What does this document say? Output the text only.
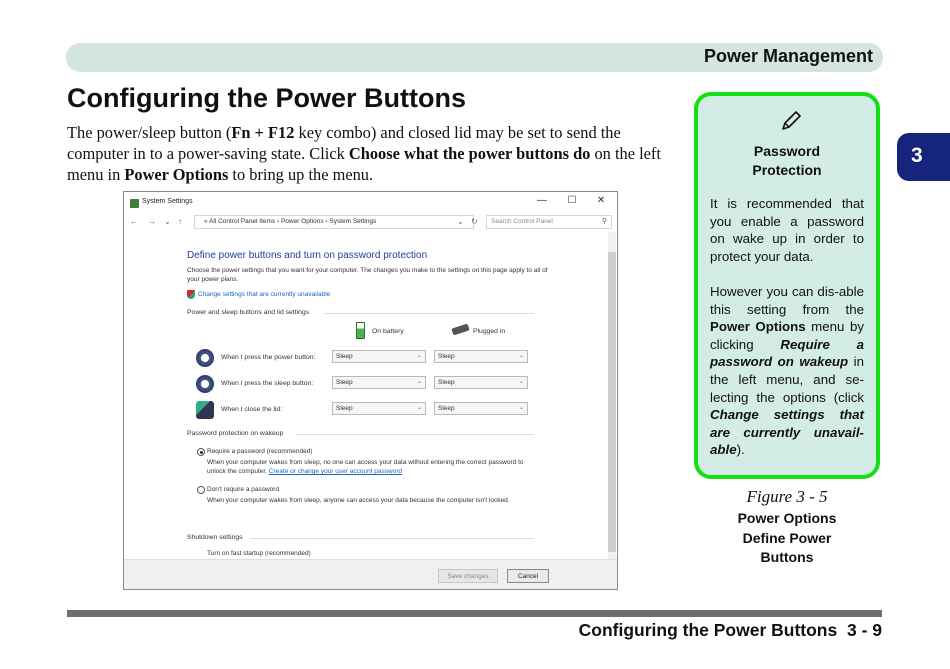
Power Management
3
Configuring the Power Buttons

The power/sleep button (Fn + F12 key combo) and closed lid may be set to send the computer in to a power-saving state. Click Choose what the power buttons do on the left menu in Power Options to bring up the menu.

System Settings	— ☐ ✕
← → ⌄ ↑	« All Control Panel Items › Power Options › System Settings	⌄ ↻ Search Control Panel	⚲
Define power buttons and turn on password protection
Choose the power settings that you want for your computer. The changes you make to the settings on this page apply to all of your power plans.
Change settings that are currently unavailable
Power and sleep buttons and lid settings
On battery	Plugged in
When I press the power button:	Sleep	⌄ Sleep	⌄
When I press the sleep button:	Sleep	⌄ Sleep	⌄
When I close the lid:	Sleep	⌄ Sleep	⌄
Password protection on wakeup
Require a password (recommended)
When your computer wakes from sleep, no one can access your data without entering the correct password to unlock the computer. Create or change your user account password
Don't require a password
When your computer wakes from sleep, anyone can access your data because the computer isn't locked.
Shutdown settings
Turn on fast startup (recommended)
Save changes	Cancel
Password
Protection

It is recommended that you enable a password on wake up in order to protect your data.

However you can dis-able this setting from the Power Options menu by clicking Require a password on wakeup in the left menu, and se-lecting the options (click Change settings that are currently unavail-able).

Figure 3 - 5
Power Options
Define Power
Buttons
Configuring the Power Buttons 3 - 9
